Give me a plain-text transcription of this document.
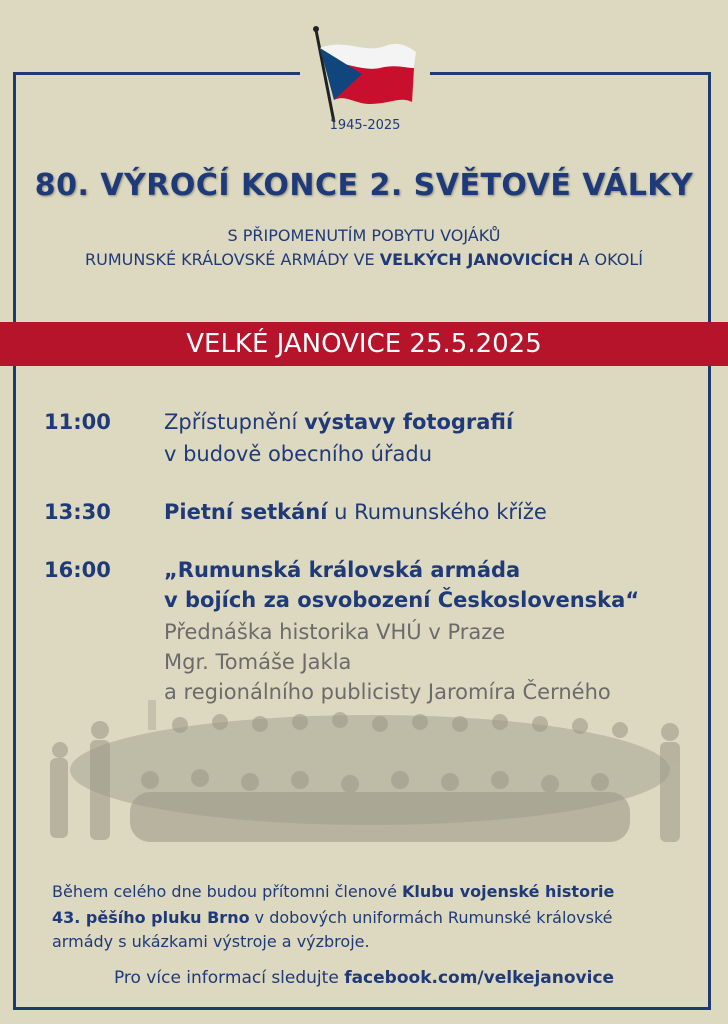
1945-2025
80. VÝROČÍ KONCE 2. SVĚTOVÉ VÁLKY
S PŘIPOMENUTÍM POBYTU VOJÁKŮ
RUMUNSKÉ KRÁLOVSKÉ ARMÁDY VE VELKÝCH JANOVICÍCH A OKOLÍ
VELKÉ JANOVICE 25.5.2025
11:00	Zpřístupnění výstavy fotografií
v budově obecního úřadu
13:30	Pietní setkání u Rumunského kříže
16:00	„Rumunská královská armáda
v bojích za osvobození Československa“
Přednáška historika VHÚ v Praze
Mgr. Tomáše Jakla
a regionálního publicisty Jaromíra Černého
Během celého dne budou přítomni členové Klubu vojenské historie
43. pěšího pluku Brno v dobových uniformách Rumunské královské
armády s ukázkami výstroje a výzbroje.
Pro více informací sledujte facebook.com/velkejanovice
